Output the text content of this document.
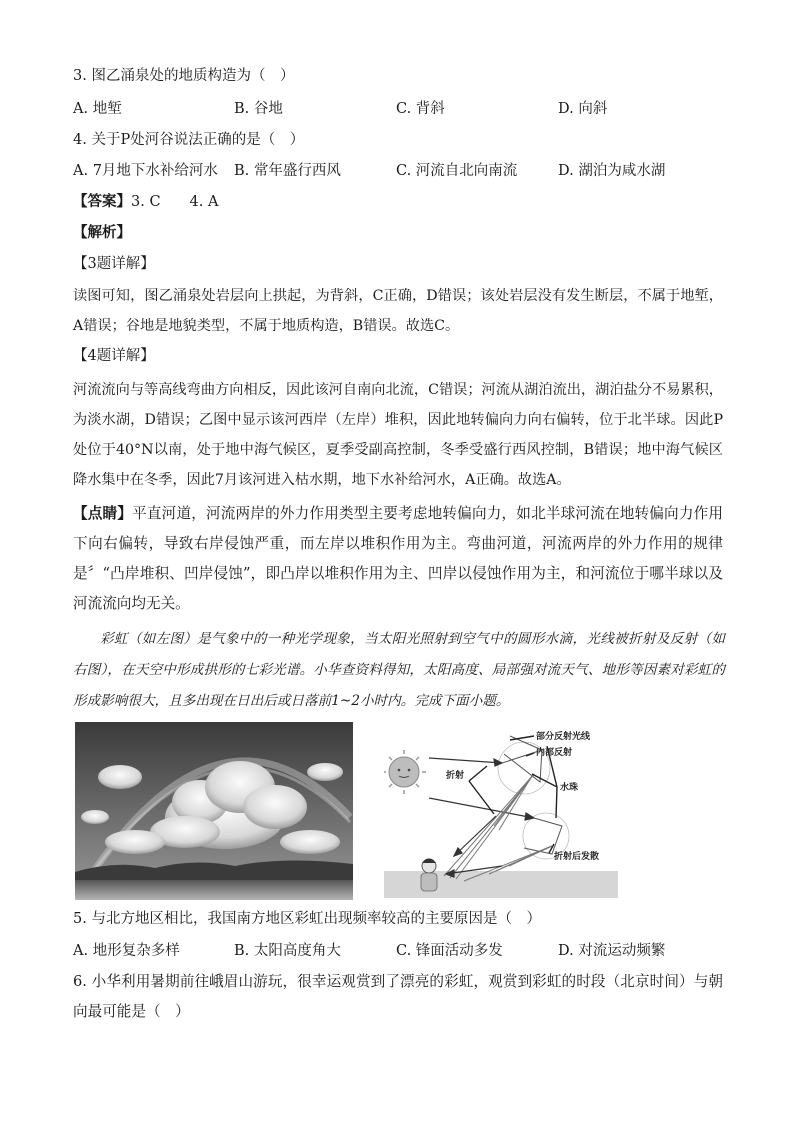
3. 图乙涌泉处的地质构造为（　）
A. 地堑	B. 谷地	C. 背斜	D. 向斜
4. 关于P处河谷说法正确的是（　）
A. 7月地下水补给河水 B. 常年盛行西风	C. 河流自北向南流	D. 湖泊为咸水湖
【答案】3. C　　4. A
【解析】
【3题详解】
读图可知，图乙涌泉处岩层向上拱起，为背斜，C正确，D错误；该处岩层没有发生断层，不属于地堑，A错误；谷地是地貌类型，不属于地质构造，B错误。故选C。
【4题详解】
河流流向与等高线弯曲方向相反，因此该河自南向北流，C错误；河流从湖泊流出，湖泊盐分不易累积，为淡水湖，D错误；乙图中显示该河西岸（左岸）堆积，因此地转偏向力向右偏转，位于北半球。因此P处位于40°N以南，处于地中海气候区，夏季受副高控制，冬季受盛行西风控制，B错误；地中海气候区降水集中在冬季，因此7月该河进入枯水期，地下水补给河水，A正确。故选A。
【点睛】平直河道，河流两岸的外力作用类型主要考虑地转偏向力，如北半球河流在地转偏向力作用下向右偏转，导致右岸侵蚀严重，而左岸以堆积作用为主。弯曲河道，河流两岸的外力作用的规律是〞“凸岸堆积、凹岸侵蚀”，即凸岸以堆积作用为主、凹岸以侵蚀作用为主，和河流位于哪半球以及河流流向均无关。
彩虹（如左图）是气象中的一种光学现象，当太阳光照射到空气中的圆形水滴，光线被折射及反射（如右图），在天空中形成拱形的七彩光谱。小华查资料得知，太阳高度、局部强对流天气、地形等因素对彩虹的形成影响很大，且多出现在日出后或日落前1~2小时内。完成下面小题。
部分反射光线
内部反射
折射
水珠
折射后发散
5. 与北方地区相比，我国南方地区彩虹出现频率较高的主要原因是（　）
A. 地形复杂多样	B. 太阳高度角大	C. 锋面活动多发	D. 对流运动频繁
6. 小华利用暑期前往峨眉山游玩，很幸运观赏到了漂亮的彩虹，观赏到彩虹的时段（北京时间）与朝向最可能是（　）
